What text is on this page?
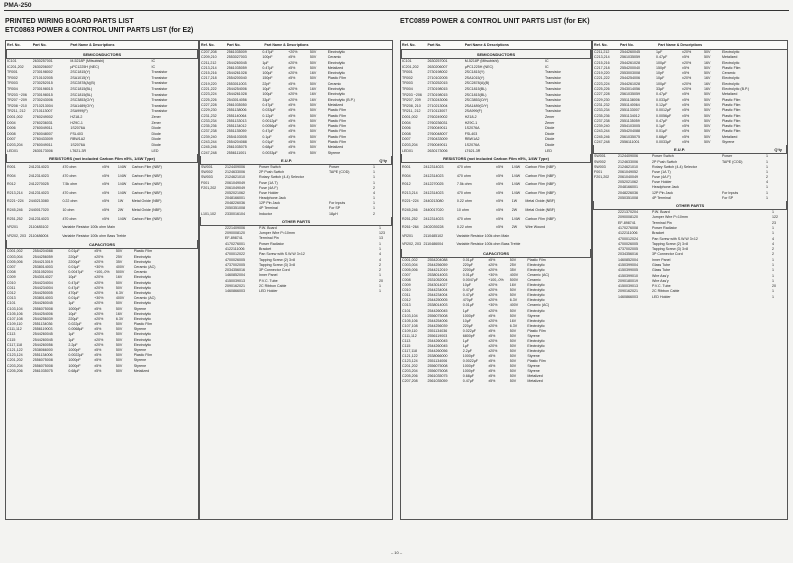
PMA-250
PRINTED WIRING BOARD PARTS LIST
ETC0863 POWER & CONTROL UNIT PARTS LIST (for E2)
ETC0859 POWER & CONTROL UNIT PARTS LIST (for EK)
Ref. No.	Part No.	Part Name & Descriptions
SEMICONDUCTORS
IC101	2630257001	M-5218P (Mitsubishi)	IC
IC201,202	2630206007	µPC1225H (NEC)	IC
TR001	2730198002	2SC1815(Y)	Transistor
TR002	2710102005	2SA1015(Y)	Transistor
TR003	2730252015	2SC2878(A)(B)	Transistor
TR004	2730198015	2SC1815(BL)	Transistor
TR203 ~206	2730198015	2SC1815(BL)	Transistor
TR207 ~209	2730243006	2SC3853(O/Y)	Transistor
TR208 ~210	2710213004	2SA1489(O/Y)	Transistor
TR211, 212	2710113007	2SA999(F)	Transistor
D001,002	2760249002	HZ18-2	Zener
D004	2760236031	HZ9C-1	Zener
D006	2760049011	1S2076A	Diode
D008	2760048007	FSL403	Diode
D007	2760433009	RBW1A2	Diode
D203,204	2760049011	1S2076A	Diode
LED01	2630173006	LT621-3R	LED
RESISTORS (not included Carbon Film ±5%, 1/4W Type)
R001	2412314023	470 ohm	±5%	1/4W	Carbon Film (NBF)
R004	2412314023	470 ohm	±5%	1/4W	Carbon Film (NBF)
R012	2412270025	7.5k ohm	±5%	1/4W	Carbon Film (NBF)
R213,214	2412314023	470 ohm	±5%	1/4W	Carbon Film (NBF)
R221~224	2440213080	0.22 ohm	±5%	1W	Metal Oxide (NBF)
R245,246	2440017020	10 ohm	±5%	2W	Metal Oxide (NBF)
R251,252	2412314023	470 ohm	±5%	1/4W	Carbon Film (NBF)
VR201	2110485102	Variable Resistor 100k ohm Main
VR202, 203 2110486004	Variable Resistor 100k ohm Bass Treble
CAPACITORS
C001,002	2554204088	0.01µF	±5%	50V	Plastic Film
C003,004	2544256059	220µF	±20%	25V	Electrolytic
C005,006	2544213019	2200µF	±20%	35V	Electrolytic
C007	2538014003	0.01µF	+30%	400V	Ceramic (AC)
C008	2531052004	0.0047µF	+100,-0%	500V	Ceramic
C009	2543014027	10µF	±20%	16V	Electrolytic
C010	2544234004	0.47µF	±20%	50V	Electrolytic
C011	2544234004	0.47µF	±20%	50V	Electrolytic
C012	2544250005	470µF	±20%	6.3V	Electrolytic
C013	2538014003	0.01µF	+30%	400V	Ceramic (AC)
C101	2544260045	1µF	±20%	50V	Electrolytic
C103,104	2556075008	1000pF	±5%	50V	Styrene
C105,106	2544254006	10µF	±20%	16V	Electrolytic
C107,108	2544256039	220µF	±20%	6.3V	Electrolytic
C109,110	2551134036	0.022µF	±5%	50V	Plastic Film
C111,112	2556119003	0.0068µF	±5%	50V	Styrene
C113	2544260045	1µF	±20%	50V	Electrolytic
C115	2544260045	1µF	±20%	50V	Electrolytic
C117,118	2544260056	2.2µF	±20%	50V	Electrolytic
C121,122	2538066000	1000pF	±5%	50V	Styrene
C123,124	2551134006	0.0022µF	±5%	50V	Plastic Film
C201,202	2556075008	1000pF	±5%	50V	Styrene
C203,204	2556075008	1000pF	±5%	50V	Styrene
C205,206	2561035075	0.68µF	±5%	50V	Metalized
Ref. No.	Part No.	Part Name & Descriptions
C207,208	2561035009	0.47µF	+20%	50V	Electrolytic
C209,210	2553027003	100pF	±5%	50V	Ceramic
C211,212	2544260045	1µF	±20%	50V	Electrolytic
C213,214	2561035059	0.47µF	±5%	50V	Metalized
C215,216	2544261028	100µF	±20%	16V	Electrolytic
C217,218	2554200040	150pF	±5%	50V	Plastic Film
C219,220	2553011003	22pF	±5%	50V	Ceramic
C221,222	2544254006	10µF	±20%	16V	Electrolytic
C223,224	2544261028	100µF	±20%	16V	Electrolytic
C225,226	2543014056	33µF	±20%	16V	Electrolytic (B.P.)
C227,228	2561035050	0.47µF	±5%	50V	Metalized
C229,230	2551138006	0.033µF	±5%	50V	Plastic Film
C231,232	2551140064	0.12µF	±5%	50V	Plastic Film
C233,234	2551133013	0.0012µF	±5%	50V	Plastic Film
C235,236	2551134012	0.0056µF	±5%	50V	Plastic Film
C237,238	2551135059	0.47µF	±5%	50V	Plastic Film
C239,240	2554103005	0.1µF	±5%	50V	Plastic Film
C243,244	2554204088	0.01µF	±5%	50V	Plastic Film
C245,246	2561035075	0.68µF	±5%	50V	Metalized
C247,248	2556111001	0.0033µF	±5%	50V	Styrene
E.U.P.	Q'ty
SW001	2124409006	Power Switch	Power	1
SW002	2124633006	2P Push Switch	TAPE (COD)	1
SW003	2124621010	Rotary Switch (4-4) Selector	1
F001	2061049049	Fuse (1A T)	1
F201,202	2061049049	Fuse (4A F)	2
2052021062	Fuse Holder	4
2048166001	Headphone Jack	1
2048226036	12P Pin Jack	For Inputs	1
2050351008	4P Terminal	For SP	1
L101,102	2330016104	Inductor	18µH	2
OTHER PARTS
2221409006	P.W. Board	1
2090008120	Jumper Wire P=10mm	123
EF-898741	Terminal Pin	13
4170276001	Power Radiator	1
4122111006	Bracket	1
4700012022	Pan Screw with S.W.W 3×12	4
4700026005	Tapping Screw (2) 3×8	4
4737002005	Tapping Screw (3) 3×8	2
2034356016	3P Connector Cord	2
1460852004	Inner Panel	1
4150039013	P.V.C. Tube	20
2090162021	2C Ribbon Cable	1
1460866003	LED Holder	1
Ref. No.	Part No.	Part Name & Descriptions
SEMICONDUCTORS
IC101	2630257001	M-5218P (Mitsubishi)	IC
IC201,202	2630206007	µPC1225H (NEC)	IC
TR001	2730198002	2SC1815(Y)	Transistor
TR002	2710102005	2SA1015(Y)	Transistor
TR003	2730252015	2SC2878(A)(B)	Transistor
TR004	2730198015	2SC1815(BL)	Transistor
TR203 ~206	2730198015	2SC1815(BL)	Transistor
TR207, 209	2730243006	2SC3853(O/Y)	Transistor
TR208, 210	2710213004	2SA1489(O/Y)	Transistor
TR211, 212	2710113007	2SA999(F)	Transistor
D001,002	2760249002	HZ18-2	Zener
D004	2760236031	HZ9C-1	Zener
D006	2760049011	1S2076A	Diode
D008	2760048007	FSL403	Diode
D007	2760433009	RBW1A2	Diode
D203,204	2760049011	1S2076A	Diode
LED01	2630173006	LT621-3R	LED
RESISTORS (not included Carbon Film ±5%, 1/4W Type)
R001	2412314023	470 ohm	±5%	1/4W	Carbon Film (NBF)
R004	2412314023	470 ohm	±5%	1/4W	Carbon Film (NBF)
R012	2412270025	7.5k ohm	±5%	1/4W	Carbon Film (NBF)
R213,214	2412314023	470 ohm	±5%	1/4W	Carbon Film (NBF)
R221~224	2440213080	0.22 ohm	±5%	1W	Metal Oxide (NBF)
R245,246	2440017020	10 ohm	±5%	2W	Metal Oxide (NBF)
R251,252	2412314023	470 ohm	±5%	1/4W	Carbon Film (NBF)
R261~264	2402039228	0.22 ohm	±5%	2W	Wire Wound
VR201	2110485102	Variable Resistor 100k ohm Main
VR202, 203 2110486004	Variable Resistor 100k ohm Bass Treble
CAPACITORS
C001,002	2554204088	0.01µF	±5%	50V	Plastic Film
C003,004	2544256059	220µF	±20%	25V	Electrolytic
C005,006	2544212019	2200µF	±20%	35V	Electrolytic
C007	2538014003	0.01µF	+30%	400V	Ceramic (AC)
C008	2531052004	0.0047µF	+100,-0%	500V	Ceramic
C009	2543014027	10µF	±20%	16V	Electrolytic
C010	2544234004	0.47µF	±20%	50V	Electrolytic
C011	2544234004	0.47µF	±20%	50V	Electrolytic
C012	2544250005	470µF	±20%	6.3V	Electrolytic
C013	2538014003	0.01µF	+30%	400V	Ceramic (AC)
C101	2544260045	1µF	±20%	50V	Electrolytic
C103,104	2556075008	1000pF	±5%	50V	Styrene
C105,106	2544254006	10µF	±20%	16V	Electrolytic
C107,108	2544256039	220µF	±20%	6.3V	Electrolytic
C109,110	2551134036	0.022µF	±5%	50V	Plastic Film
C111,112	2556119003	6800pF	±5%	50V	Styrene
C113	2544260045	1µF	±20%	50V	Electrolytic
C115	2544260045	1µF	±20%	50V	Electrolytic
C117,118	2544260056	2.2µF	±20%	50V	Electrolytic
C121,122	2538066000	1000pF	±5%	50V	Styrene
C123,124	2551134006	0.0022µF	±5%	50V	Plastic Film
C201,202	2556075008	1000pF	±5%	50V	Styrene
C203,204	2556075008	1000pF	±5%	50V	Styrene
C205,206	2561035075	0.68µF	±5%	50V	Metalized
C207,208	2561035059	0.47µF	±5%	50V	Metalized
Ref. No.	Part No.	Part Name & Descriptions
C211,212	2544260045	1µF	±20%	50V	Electrolytic
C213,214	2561035059	0.47µF	±5%	50V	Metalized
C215,216	2544261028	100µF	±20%	16V	Electrolytic
C217,218	2554200040	150pF	±5%	50V	Plastic Film
C219,220	2553003008	10pF	±5%	50V	Ceramic
C221,222	2544254006	10µF	±20%	16V	Electrolytic
C223,224	2544261028	100µF	±20%	16V	Electrolytic
C225,226	2543014056	33µF	±20%	16V	Electrolytic (B.P.)
C227,228	2561035059	0.47µF	±5%	50V	Metalized
C229,230	2551138006	0.033µF	±5%	50V	Plastic Film
C231,232	2551140064	0.12µF	±5%	50V	Plastic Film
C233,234	2551133007	0.0012µF	±5%	50V	Plastic Film
C235,236	2551134012	0.0056µF	±5%	50V	Plastic Film
C237,238	2551135059	0.47µF	±5%	50V	Plastic Film
C239,240	2554103005	0.1µF	±5%	50V	Plastic Film
C243,244	2554204088	0.01µF	±5%	50V	Plastic Film
C245,246	2561035075	0.68µF	±5%	50V	Metalized
C247,248	2556111001	0.0033µF	±5%	50V	Styrene
E.U.P.	Q'ty
SW001	2124409006	Power Switch	Power	1
SW002	2124633006	2P Push Switch	TAPE (COD)	1
SW003	2124621010	Rotary Switch (4-4) Selector	1
F001	2061049052	Fuse (1A T)	1
F201,202	2061040049	Fuse (4A F)	2
2052021062	Fuse Holder	4
2048166001	Headphone Jack	1
2048226036	12P Pin Jack	For Inputs	1
2050351008	4P Terminal	For SP	1
OTHER PARTS
2221370204	P.W. Board	1
2090008120	Jumper Wire P=10mm	122
EF-898741	Terminal Pin	23
4170276008	Power Radiator	1
4122111006	Bracket	1
4700012024	Pan Screw with S.W.W 3×12	4
4700026005	Tapping Screw (2) 3×8	4
4737002005	Tapping Screw (3) 3×8	2
2034356016	3P Connector Cord	2
1460852004	Inner Panel	1
4150399004	Glass Tube	1
4150399005	Glass Tube	1
4150399010	Wire Ass'y	1
2090180019	Wire Ass'y	1
4150039013	P.V.C. Tube	20
2090162021	2C Ribbon Cable	1
1460866003	LED Holder	1
– 10 –
